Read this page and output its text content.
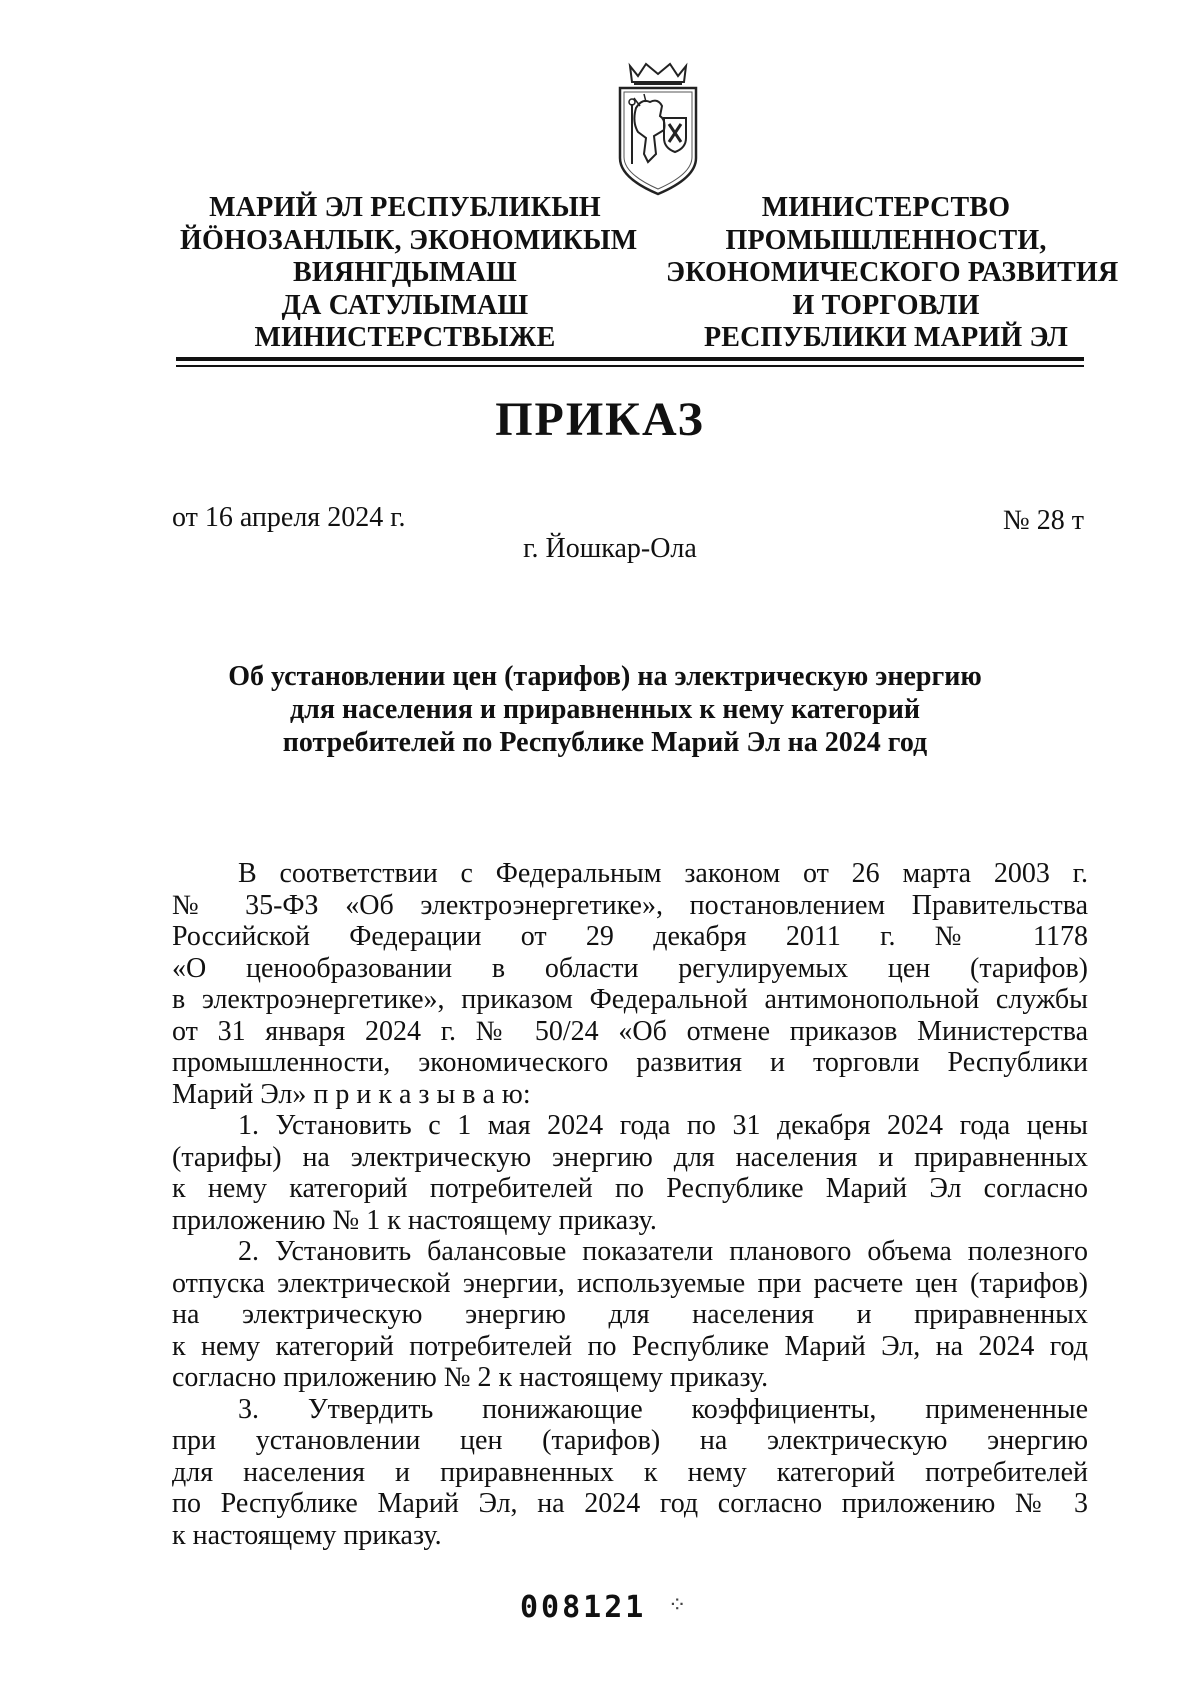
МАРИЙ ЭЛ РЕСПУБЛИКЫН
ЙӦНОЗАНЛЫК, ЭКОНОМИКЫМ
ВИЯНГДЫМАШ
ДА САТУЛЫМАШ
МИНИСТЕРСТВЫЖЕ
МИНИСТЕРСТВО
ПРОМЫШЛЕННОСТИ,
ЭКОНОМИЧЕСКОГО РАЗВИТИЯ
И ТОРГОВЛИ
РЕСПУБЛИКИ МАРИЙ ЭЛ
ПРИКАЗ
от 16 апреля 2024 г.	№ 28 т
г. Йошкар-Ола
Об установлении цен (тарифов) на электрическую энергию
для населения и приравненных к нему категорий
потребителей по Республике Марий Эл на 2024 год
В соответствии с Федеральным законом от 26 марта 2003 г.
№ 35-ФЗ «Об электроэнергетике», постановлением Правительства
Российской Федерации от 29 декабря 2011 г. № 1178
«О ценообразовании в области регулируемых цен (тарифов)
в электроэнергетике», приказом Федеральной антимонопольной службы
от 31 января 2024 г. № 50/24 «Об отмене приказов Министерства
промышленности, экономического развития и торговли Республики
Марий Эл» п р и к а з ы в а ю:
1. Установить с 1 мая 2024 года по 31 декабря 2024 года цены
(тарифы) на электрическую энергию для населения и приравненных
к нему категорий потребителей по Республике Марий Эл согласно
приложению № 1 к настоящему приказу.
2. Установить балансовые показатели планового объема полезного
отпуска электрической энергии, используемые при расчете цен (тарифов)
на электрическую энергию для населения и приравненных
к нему категорий потребителей по Республике Марий Эл, на 2024 год
согласно приложению № 2 к настоящему приказу.
3. Утвердить понижающие коэффициенты, примененные
при установлении цен (тарифов) на электрическую энергию
для населения и приравненных к нему категорий потребителей
по Республике Марий Эл, на 2024 год согласно приложению № 3
к настоящему приказу.
008121 ⁘
